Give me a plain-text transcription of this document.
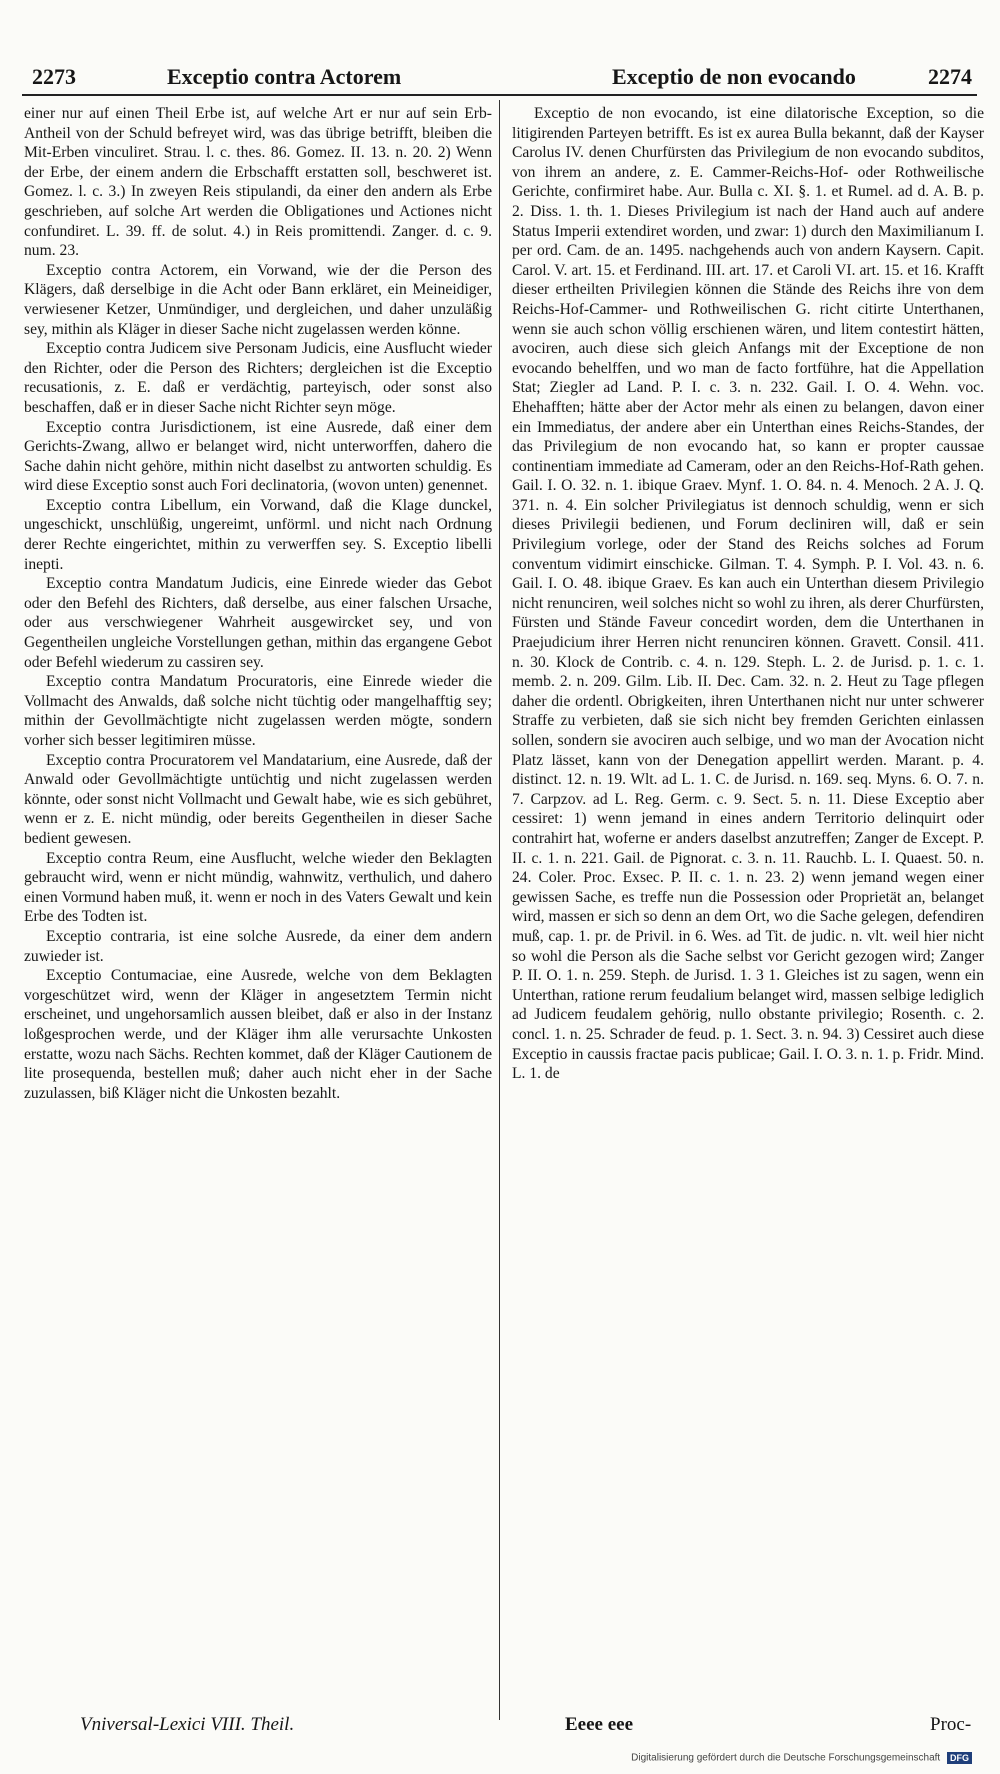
2273	Exceptio contra Actorem	Exceptio de non evocando	2274

einer nur auf einen Theil Erbe ist, auf welche Art er nur auf sein Erb-Antheil von der Schuld befreyet wird, was das übrige betrifft, bleiben die Mit-Erben vinculiret. Strau. l. c. thes. 86. Gomez. II. 13. n. 20. 2) Wenn der Erbe, der einem andern die Erbschafft erstatten soll, beschweret ist. Gomez. l. c. 3.) In zweyen Reis stipulandi, da einer den andern als Erbe geschrieben, auf solche Art werden die Obligationes und Actiones nicht confundiret. L. 39. ff. de solut. 4.) in Reis promittendi. Zanger. d. c. 9. num. 23.

Exceptio contra Actorem, ein Vorwand, wie der die Person des Klägers, daß derselbige in die Acht oder Bann erkläret, ein Meineidiger, verwiesener Ketzer, Unmündiger, und dergleichen, und daher unzuläßig sey, mithin als Kläger in dieser Sache nicht zugelassen werden könne.

Exceptio contra Judicem sive Personam Judicis, eine Ausflucht wieder den Richter, oder die Person des Richters; dergleichen ist die Exceptio recusationis, z. E. daß er verdächtig, parteyisch, oder sonst also beschaffen, daß er in dieser Sache nicht Richter seyn möge.

Exceptio contra Jurisdictionem, ist eine Ausrede, daß einer dem Gerichts-Zwang, allwo er belanget wird, nicht unterworffen, dahero die Sache dahin nicht gehöre, mithin nicht daselbst zu antworten schuldig. Es wird diese Exceptio sonst auch Fori declinatoria, (wovon unten) genennet.

Exceptio contra Libellum, ein Vorwand, daß die Klage dunckel, ungeschickt, unschlüßig, ungereimt, unförml. und nicht nach Ordnung derer Rechte eingerichtet, mithin zu verwerffen sey. S. Exceptio libelli inepti.

Exceptio contra Mandatum Judicis, eine Einrede wieder das Gebot oder den Befehl des Richters, daß derselbe, aus einer falschen Ursache, oder aus verschwiegener Wahrheit ausgewircket sey, und von Gegentheilen ungleiche Vorstellungen gethan, mithin das ergangene Gebot oder Befehl wiederum zu cassiren sey.

Exceptio contra Mandatum Procuratoris, eine Einrede wieder die Vollmacht des Anwalds, daß solche nicht tüchtig oder mangelhafftig sey; mithin der Gevollmächtigte nicht zugelassen werden mögte, sondern vorher sich besser legitimiren müsse.

Exceptio contra Procuratorem vel Mandatarium, eine Ausrede, daß der Anwald oder Gevollmächtigte untüchtig und nicht zugelassen werden könnte, oder sonst nicht Vollmacht und Gewalt habe, wie es sich gebühret, wenn er z. E. nicht mündig, oder bereits Gegentheilen in dieser Sache bedient gewesen.

Exceptio contra Reum, eine Ausflucht, welche wieder den Beklagten gebraucht wird, wenn er nicht mündig, wahnwitz, verthulich, und dahero einen Vormund haben muß, it. wenn er noch in des Vaters Gewalt und kein Erbe des Todten ist.

Exceptio contraria, ist eine solche Ausrede, da einer dem andern zuwieder ist.

Exceptio Contumaciae, eine Ausrede, welche von dem Beklagten vorgeschützet wird, wenn der Kläger in angesetztem Termin nicht erscheinet, und ungehorsamlich aussen bleibet, daß er also in der Instanz loßgesprochen werde, und der Kläger ihm alle verursachte Unkosten erstatte, wozu nach Sächs. Rechten kommet, daß der Kläger Cautionem de lite prosequenda, bestellen muß; daher auch nicht eher in der Sache zuzulassen, biß Kläger nicht die Unkosten bezahlt.

Exceptio de non evocando, ist eine dilatorische Exception, so die litigirenden Parteyen betrifft. Es ist ex aurea Bulla bekannt, daß der Kayser Carolus IV. denen Churfürsten das Privilegium de non evocando subditos, von ihrem an andere, z. E. Cammer-Reichs-Hof- oder Rothweilische Gerichte, confirmiret habe. Aur. Bulla c. XI. §. 1. et Rumel. ad d. A. B. p. 2. Diss. 1. th. 1. Dieses Privilegium ist nach der Hand auch auf andere Status Imperii extendiret worden, und zwar: 1) durch den Maximilianum I. per ord. Cam. de an. 1495. nachgehends auch von andern Kaysern. Capit. Carol. V. art. 15. et Ferdinand. III. art. 17. et Caroli VI. art. 15. et 16. Krafft dieser ertheilten Privilegien können die Stände des Reichs ihre von dem Reichs-Hof-Cammer- und Rothweilischen G. richt citirte Unterthanen, wenn sie auch schon völlig erschienen wären, und litem contestirt hätten, avociren, auch diese sich gleich Anfangs mit der Exceptione de non evocando behelffen, und wo man de facto fortführe, hat die Appellation Stat; Ziegler ad Land. P. I. c. 3. n. 232. Gail. I. O. 4. Wehn. voc. Ehehafften; hätte aber der Actor mehr als einen zu belangen, davon einer ein Immediatus, der andere aber ein Unterthan eines Reichs-Standes, der das Privilegium de non evocando hat, so kann er propter caussae continentiam immediate ad Cameram, oder an den Reichs-Hof-Rath gehen. Gail. I. O. 32. n. 1. ibique Graev. Mynf. 1. O. 84. n. 4. Menoch. 2 A. J. Q. 371. n. 4. Ein solcher Privilegiatus ist dennoch schuldig, wenn er sich dieses Privilegii bedienen, und Forum decliniren will, daß er sein Privilegium vorlege, oder der Stand des Reichs solches ad Forum conventum vidimirt einschicke. Gilman. T. 4. Symph. P. I. Vol. 43. n. 6. Gail. I. O. 48. ibique Graev. Es kan auch ein Unterthan diesem Privilegio nicht renunciren, weil solches nicht so wohl zu ihren, als derer Churfürsten, Fürsten und Stände Faveur concedirt worden, dem die Unterthanen in Praejudicium ihrer Herren nicht renunciren können. Gravett. Consil. 411. n. 30. Klock de Contrib. c. 4. n. 129. Steph. L. 2. de Jurisd. p. 1. c. 1. memb. 2. n. 209. Gilm. Lib. II. Dec. Cam. 32. n. 2. Heut zu Tage pflegen daher die ordentl. Obrigkeiten, ihren Unterthanen nicht nur unter schwerer Straffe zu verbieten, daß sie sich nicht bey fremden Gerichten einlassen sollen, sondern sie avociren auch selbige, und wo man der Avocation nicht Platz lässet, kann von der Denegation appellirt werden. Marant. p. 4. distinct. 12. n. 19. Wlt. ad L. 1. C. de Jurisd. n. 169. seq. Myns. 6. O. 7. n. 7. Carpzov. ad L. Reg. Germ. c. 9. Sect. 5. n. 11. Diese Exceptio aber cessiret: 1) wenn jemand in eines andern Territorio delinquirt oder contrahirt hat, woferne er anders daselbst anzutreffen; Zanger de Except. P. II. c. 1. n. 221. Gail. de Pignorat. c. 3. n. 11. Rauchb. L. I. Quaest. 50. n. 24. Coler. Proc. Exsec. P. II. c. 1. n. 23. 2) wenn jemand wegen einer gewissen Sache, es treffe nun die Possession oder Proprietät an, belanget wird, massen er sich so denn an dem Ort, wo die Sache gelegen, defendiren muß, cap. 1. pr. de Privil. in 6. Wes. ad Tit. de judic. n. vlt. weil hier nicht so wohl die Person als die Sache selbst vor Gericht gezogen wird; Zanger P. II. O. 1. n. 259. Steph. de Jurisd. 1. 3 1. Gleiches ist zu sagen, wenn ein Unterthan, ratione rerum feudalium belanget wird, massen selbige lediglich ad Judicem feudalem gehörig, nullo obstante privilegio; Rosenth. c. 2. concl. 1. n. 25. Schrader de feud. p. 1. Sect. 3. n. 94. 3) Cessiret auch diese Exceptio in caussis fractae pacis publicae; Gail. I. O. 3. n. 1. p. Fridr. Mind. L. 1. de

Vniversal-Lexici VIII. Theil.	Eeee eee	Proc-
Digitalisierung gefördert durch die Deutsche Forschungsgemeinschaft DFG
